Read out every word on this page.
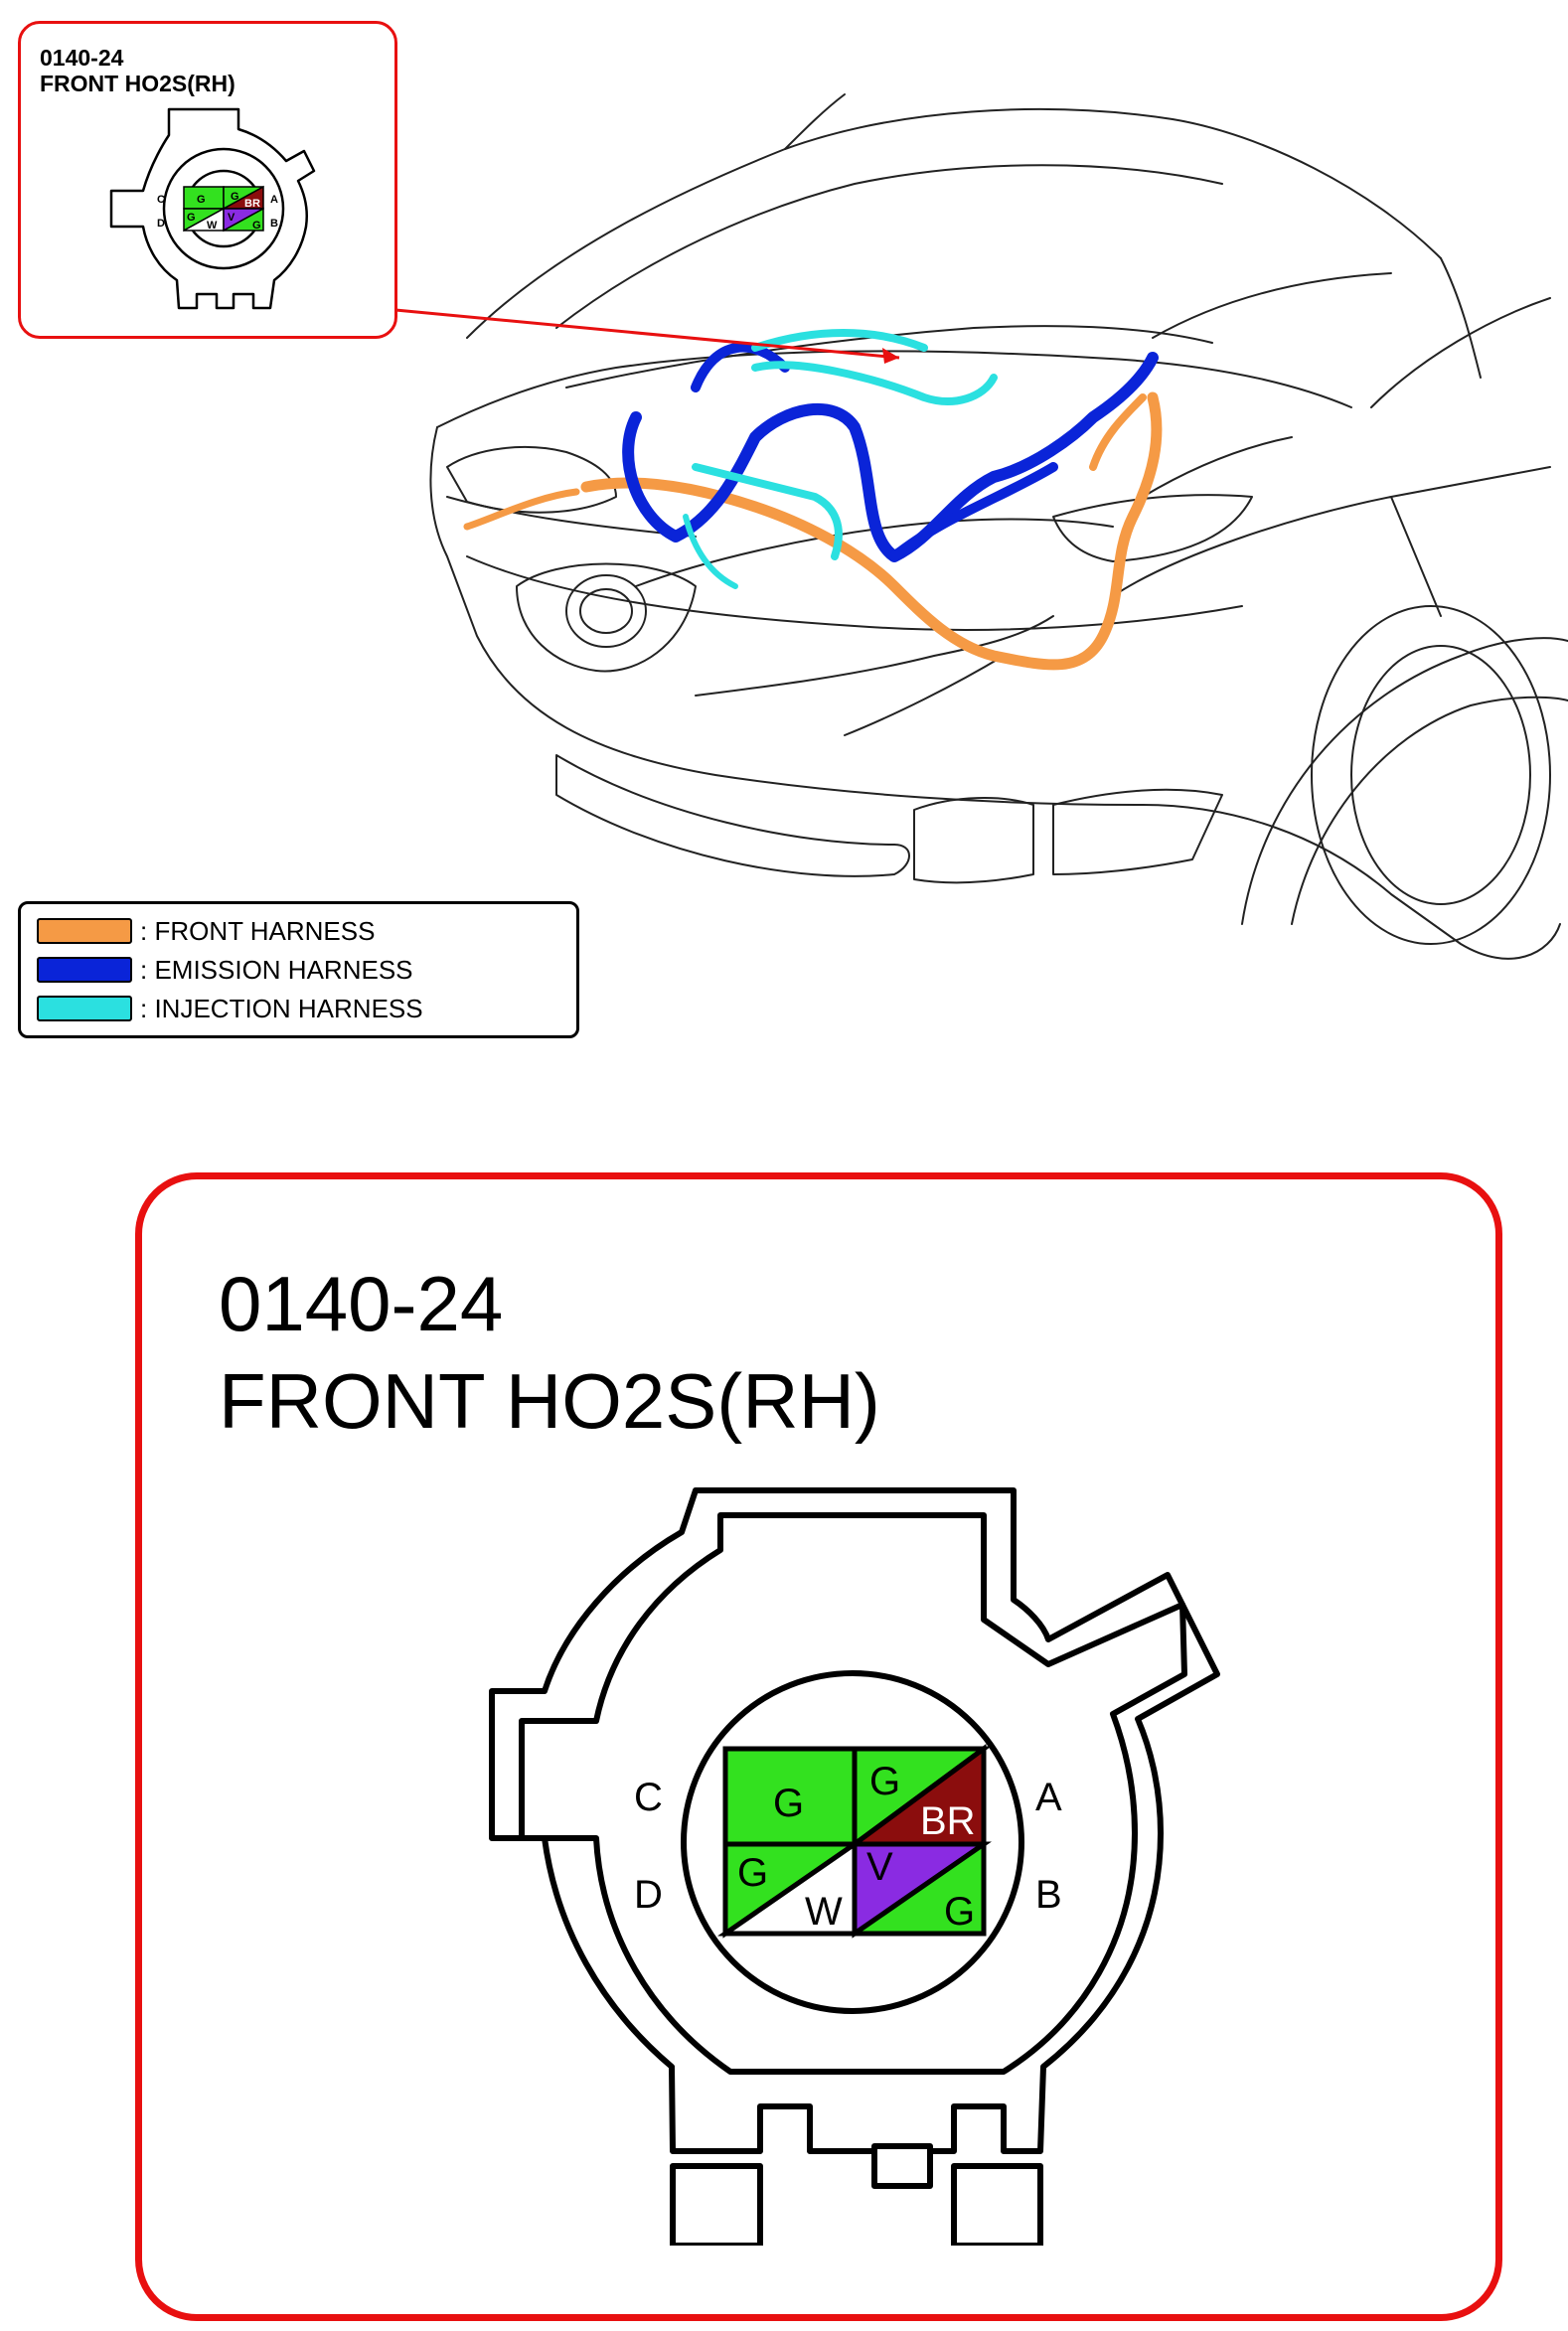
0140-24
FRONT HO2S(RH)
G G
BR
G
W
V
G
C
D
A
B
: FRONT HARNESS
: EMISSION HARNESS
: INJECTION HARNESS
0140-24
FRONT HO2S(RH)
G G
BR
G
W
V
G
C
D
A
B
